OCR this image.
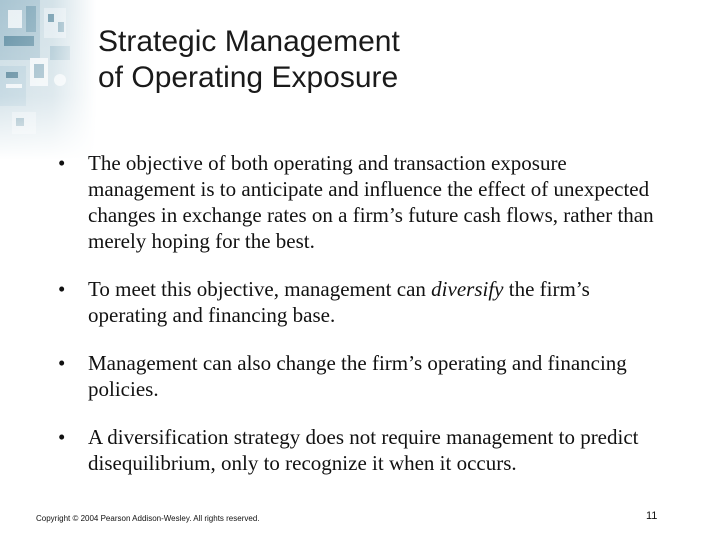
Strategic Management
of Operating Exposure
• The objective of both operating and transaction exposure management is to anticipate and influence the effect of unexpected changes in exchange rates on a firm’s future cash flows, rather than merely hoping for the best.
• To meet this objective, management can diversify the firm’s operating and financing base.
• Management can also change the firm’s operating and financing policies.
• A diversification strategy does not require management to predict disequilibrium, only to recognize it when it occurs.
Copyright © 2004 Pearson Addison-Wesley. All rights reserved.	11
